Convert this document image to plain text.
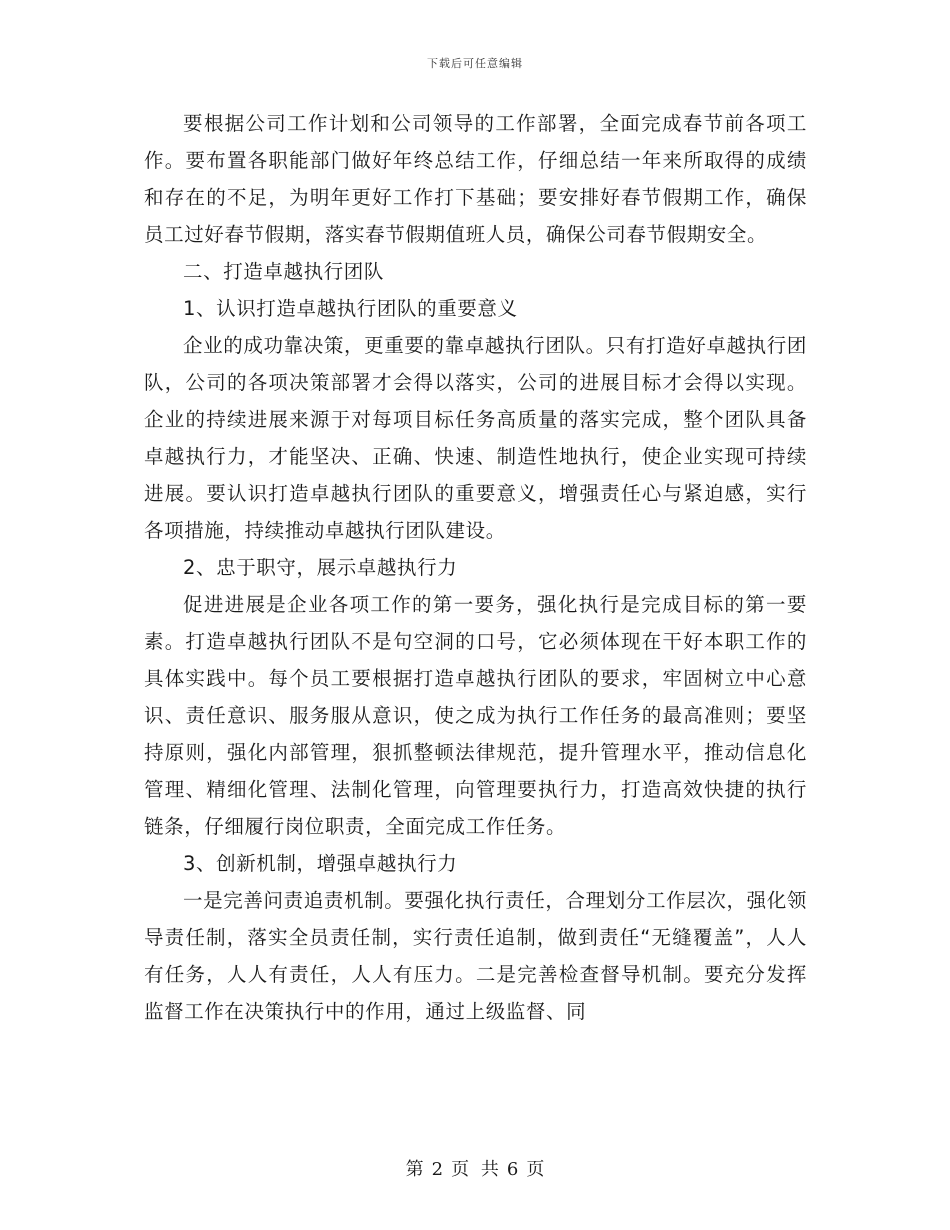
下载后可任意编辑

要根据公司工作计划和公司领导的工作部署，全面完成春节前各项工作。要布置各职能部门做好年终总结工作，仔细总结一年来所取得的成绩和存在的不足，为明年更好工作打下基础；要安排好春节假期工作，确保员工过好春节假期，落实春节假期值班人员，确保公司春节假期安全。

二、打造卓越执行团队

1、认识打造卓越执行团队的重要意义

企业的成功靠决策，更重要的靠卓越执行团队。只有打造好卓越执行团队，公司的各项决策部署才会得以落实，公司的进展目标才会得以实现。企业的持续进展来源于对每项目标任务高质量的落实完成，整个团队具备卓越执行力，才能坚决、正确、快速、制造性地执行，使企业实现可持续进展。要认识打造卓越执行团队的重要意义，增强责任心与紧迫感，实行各项措施，持续推动卓越执行团队建设。

2、忠于职守，展示卓越执行力

促进进展是企业各项工作的第一要务，强化执行是完成目标的第一要素。打造卓越执行团队不是句空洞的口号，它必须体现在干好本职工作的具体实践中。每个员工要根据打造卓越执行团队的要求，牢固树立中心意识、责任意识、服务服从意识，使之成为执行工作任务的最高准则；要坚持原则，强化内部管理，狠抓整顿法律规范，提升管理水平，推动信息化管理、精细化管理、法制化管理，向管理要执行力，打造高效快捷的执行链条，仔细履行岗位职责，全面完成工作任务。

3、创新机制，增强卓越执行力

一是完善问责追责机制。要强化执行责任，合理划分工作层次，强化领导责任制，落实全员责任制，实行责任追制，做到责任“无缝覆盖”，人人有任务，人人有责任，人人有压力。二是完善检查督导机制。要充分发挥监督工作在决策执行中的作用，通过上级监督、同

第 2 页 共 6 页
